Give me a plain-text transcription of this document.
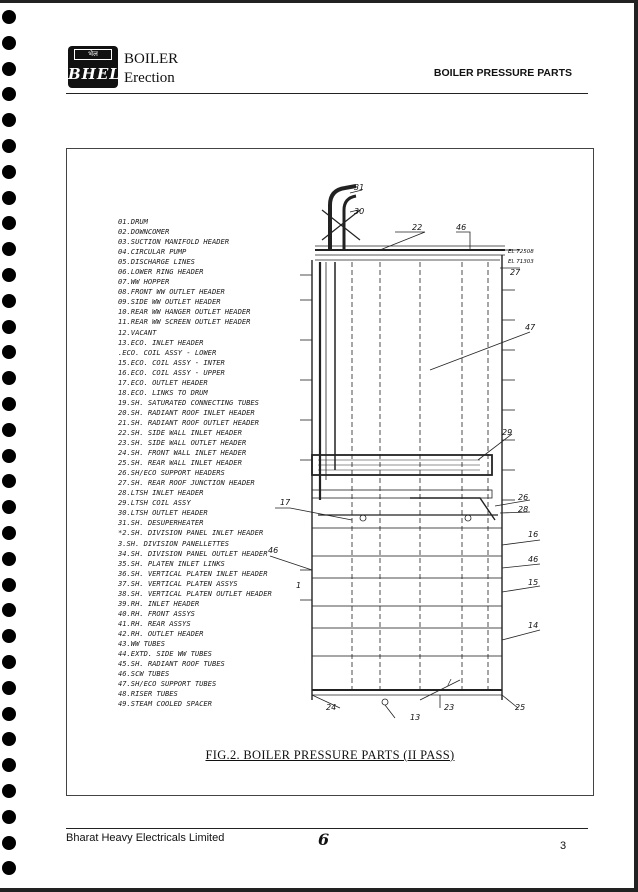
भेल
BHEL
BOILER
Erection	BOILER PRESSURE PARTS
01.DRUM
02.DOWNCOMER
03.SUCTION MANIFOLD HEADER
04.CIRCULAR PUMP
05.DISCHARGE LINES
06.LOWER RING HEADER
07.WW HOPPER
08.FRONT WW OUTLET HEADER
09.SIDE WW OUTLET HEADER
10.REAR WW HANGER OUTLET HEADER
11.REAR WW SCREEN OUTLET HEADER
12.VACANT
13.ECO. INLET HEADER
.ECO. COIL ASSY - LOWER
15.ECO. COIL ASSY - INTER
16.ECO. COIL ASSY - UPPER
17.ECO. OUTLET HEADER
18.ECO. LINKS TO DRUM
19.SH. SATURATED CONNECTING TUBES
20.SH. RADIANT ROOF INLET HEADER
21.SH. RADIANT ROOF OUTLET HEADER
22.SH. SIDE WALL INLET HEADER
23.SH. SIDE WALL OUTLET HEADER
24.SH. FRONT WALL INLET HEADER
25.SH. REAR WALL INLET HEADER
26.SH/ECO SUPPORT HEADERS
27.SH. REAR ROOF JUNCTION HEADER
28.LTSH INLET HEADER
29.LTSH COIL ASSY
30.LTSH OUTLET HEADER
31.SH. DESUPERHEATER
*2.SH. DIVISION PANEL INLET HEADER
3.SH. DIVISION PANELLETTES
34.SH. DIVISION PANEL OUTLET HEADER
35.SH. PLATEN INLET LINKS
36.SH. VERTICAL PLATEN INLET HEADER
37.SH. VERTICAL PLATEN ASSYS
38.SH. VERTICAL PLATEN OUTLET HEADER
39.RH. INLET HEADER
40.RH. FRONT ASSYS
41.RH. REAR ASSYS
42.RH. OUTLET HEADER
43.WW TUBES
44.EXTD. SIDE WW TUBES
45.SH. RADIANT ROOF TUBES
46.SCW TUBES
47.SH/ECO SUPPORT TUBES
48.RISER TUBES
49.STEAM COOLED SPACER
31
30
22	46
EL 72508
EL 71303
27
47
29
17
26
28
16
46
46
15
1
14
/
24
13
23	25
FIG.2. BOILER PRESSURE PARTS (II PASS)
Bharat Heavy Electricals Limited	6	3
